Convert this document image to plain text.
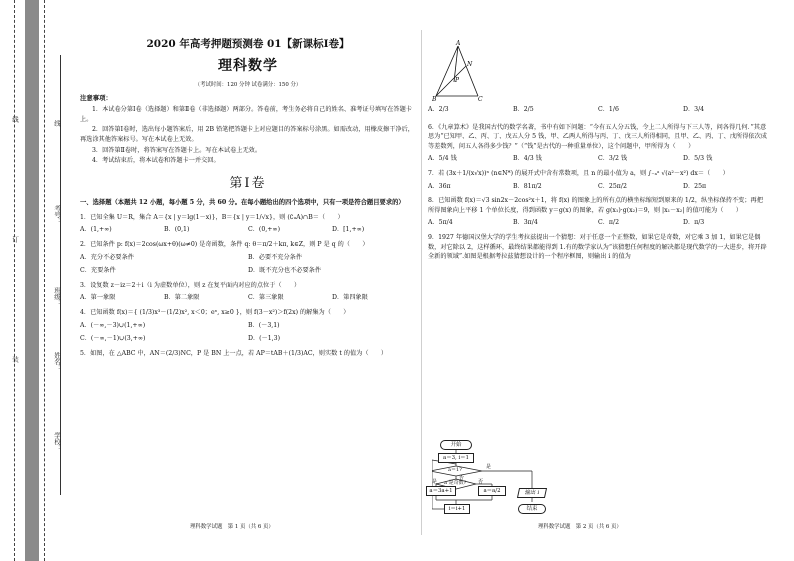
线
订
装
线
考号：
班级：
姓名：
学校：
2020 年高考押题预测卷 01【新课标Ⅰ卷】
理科数学
（考试时间：120 分钟 试卷满分：150 分）
注意事项：

1．本试卷分第Ⅰ卷（选择题）和第Ⅱ卷（非选择题）两部分。答卷前，考生务必将自己的姓名、准考证号填写在答题卡上。

2．回答第Ⅰ卷时，选出每小题答案后，用 2B 铅笔把答题卡上对应题目的答案标号涂黑。如需改动，用橡皮擦干净后，再选涂其他答案标号。写在本试卷上无效。

3．回答第Ⅱ卷时，将答案写在答题卡上。写在本试卷上无效。

4．考试结束后，将本试卷和答题卡一并交回。

第Ⅰ卷
一、选择题（本题共 12 小题，每小题 5 分，共 60 分。在每小题给出的四个选项中，只有一项是符合题目要求的）
1．已知全集 U＝R，集合 A＝{x | y＝lg(1－x)}，B＝{x | y＝1/√x}，则 (∁ᵤA)∩B＝（　　）
A．(1,+∞)	B．(0,1)	C．(0,+∞)	D．[1,+∞)
2．已知条件 p: f(x)＝2cos(ωx+θ)(ω≠0) 是奇函数，条件 q: θ＝π/2＋kπ, k∈Z，则 P 是 q 的（　　）
A．充分不必要条件	B．必要不充分条件
C．充要条件	D．既不充分也不必要条件
3．设复数 z－iz＝2＋i（i 为虚数单位），则 z 在复平面内对应的点位于（　　）
A．第一象限	B．第二象限	C．第三象限	D．第四象限
4．已知函数 f(x)＝{ (1/3)x³－(1/2)x², x＜0；eˣ, x≥0 }，则 f(3－x²)＞f(2x) 的解集为（　　）
A．(－∞,－3)∪(1,+∞)	B．(－3,1)
C．(－∞,－1)∪(3,+∞)	D．(－1,3)
5．如图，在 △ABC 中，AN＝(2/3)NC，P 是 BN 上一点，若 AP＝tAB＋(1/3)AC，则实数 t 的值为（　　）
理科数学试题　第 1 页（共 6 页）
A
N
P
B	C
A．2/3	B．2/5	C．1/6	D．3/4
6．《九章算术》是我国古代的数学名著，书中有如下问题：“今有五人分五钱，令上二人所得与下三人等，问各得几何．”其意思为“已知甲、乙、丙、丁、戊五人分 5 钱，甲、乙两人所得与丙、丁、戊三人所得相同，且甲、乙、丙、丁、戊所得依次成等差数列，问五人各得多少钱？”（“钱”是古代的一种重量单位），这个问题中，甲所得为（　　）
A．5/4 钱	B．4/3 钱	C．3/2 钱	D．5/3 钱
7．若 (3x＋1/(x√x))ⁿ (n∈N*) 的展开式中含有常数项，且 n 的最小值为 a，则 ∫₋ₐᵃ √(a²－x²) dx＝（　　）
A．36π	B．81π/2	C．25π/2	D．25π
8．已知函数 f(x)＝√3 sin2x－2cos²x＋1，将 f(x) 的图象上的所有点的横坐标缩短到原来的 1/2，纵坐标保持不变；再把所得图象向上平移 1 个单位长度，得到函数 y＝g(x) 的图象，若 g(x₁)·g(x₂)＝9，则 |x₁－x₂| 的值可能为（　　）
A．5π/4	B．3π/4	C．π/2	D．π/3
9．1927 年德国汉堡大学的学生考拉兹提出一个猜想：对于任意一个正整数，如果它是奇数，对它乘 3 加 1，如果它是偶数，对它除以 2，这样循环，最终结果都能得到 1.有的数学家认为“该猜想任何程度的解决都是现代数学的一大进步，将开辟全新的领域”.如图是根据考拉兹猜想设计的一个程序框图，则输出 i 的值为
开始
a＝3, i＝1
a＝1?	是
否
a 是奇数?
是	否
a＝3a+1	a＝a/2
i＝i+1
输出 i
结束
理科数学试题　第 2 页（共 6 页）
